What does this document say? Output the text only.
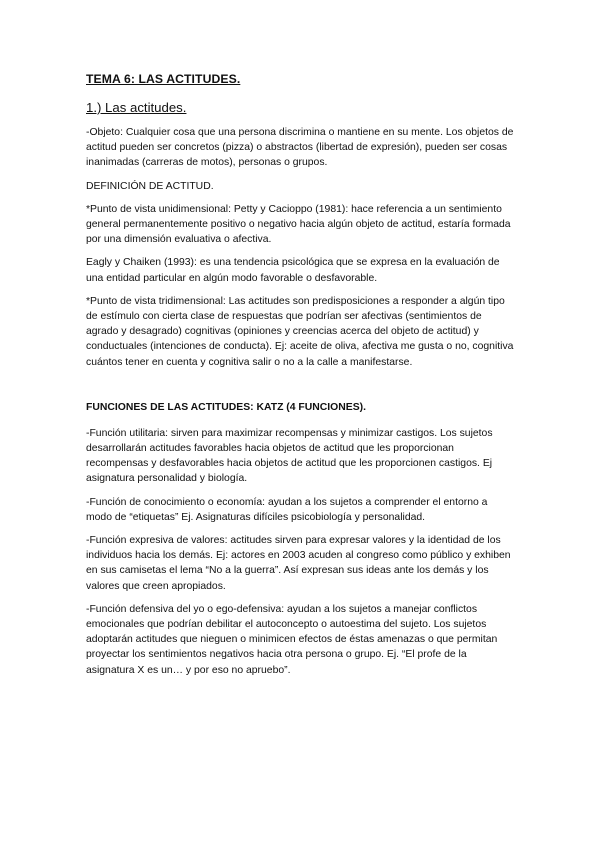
TEMA 6: LAS ACTITUDES.
1.) Las actitudes.

-Objeto: Cualquier cosa que una persona discrimina o mantiene en su mente. Los objetos de actitud pueden ser concretos (pizza) o abstractos (libertad de expresión), pueden ser cosas inanimadas (carreras de motos), personas o grupos.

DEFINICIÓN DE ACTITUD.

*Punto de vista unidimensional: Petty y Cacioppo (1981): hace referencia a un sentimiento general permanentemente positivo o negativo hacia algún objeto de actitud, estaría formada por una dimensión evaluativa o afectiva.

Eagly y Chaiken (1993): es una tendencia psicológica que se expresa en la evaluación de una entidad particular en algún modo favorable o desfavorable.

*Punto de vista tridimensional: Las actitudes son predisposiciones a responder a algún tipo de estímulo con cierta clase de respuestas que podrían ser afectivas (sentimientos de agrado y desagrado) cognitivas (opiniones y creencias acerca del objeto de actitud) y conductuales (intenciones de conducta). Ej: aceite de oliva, afectiva me gusta o no, cognitiva cuántos tener en cuenta y cognitiva salir o no a la calle a manifestarse.

FUNCIONES DE LAS ACTITUDES: KATZ (4 FUNCIONES).

-Función utilitaria: sirven para maximizar recompensas y minimizar castigos. Los sujetos desarrollarán actitudes favorables hacia objetos de actitud que les proporcionan recompensas y desfavorables hacia objetos de actitud que les proporcionen castigos. Ej asignatura personalidad y biología.

-Función de conocimiento o economía: ayudan a los sujetos a comprender el entorno a modo de “etiquetas” Ej. Asignaturas difíciles psicobiología y personalidad.

-Función expresiva de valores: actitudes sirven para expresar valores y la identidad de los individuos hacia los demás. Ej: actores en 2003 acuden al congreso como público y exhiben en sus camisetas el lema “No a la guerra”. Así expresan sus ideas ante los demás y los valores que creen apropiados.

-Función defensiva del yo o ego-defensiva: ayudan a los sujetos a manejar conflictos emocionales que podrían debilitar el autoconcepto o autoestima del sujeto. Los sujetos adoptarán actitudes que nieguen o minimicen efectos de éstas amenazas o que permitan proyectar los sentimientos negativos hacia otra persona o grupo. Ej. “El profe de la asignatura X es un… y por eso no apruebo”.
